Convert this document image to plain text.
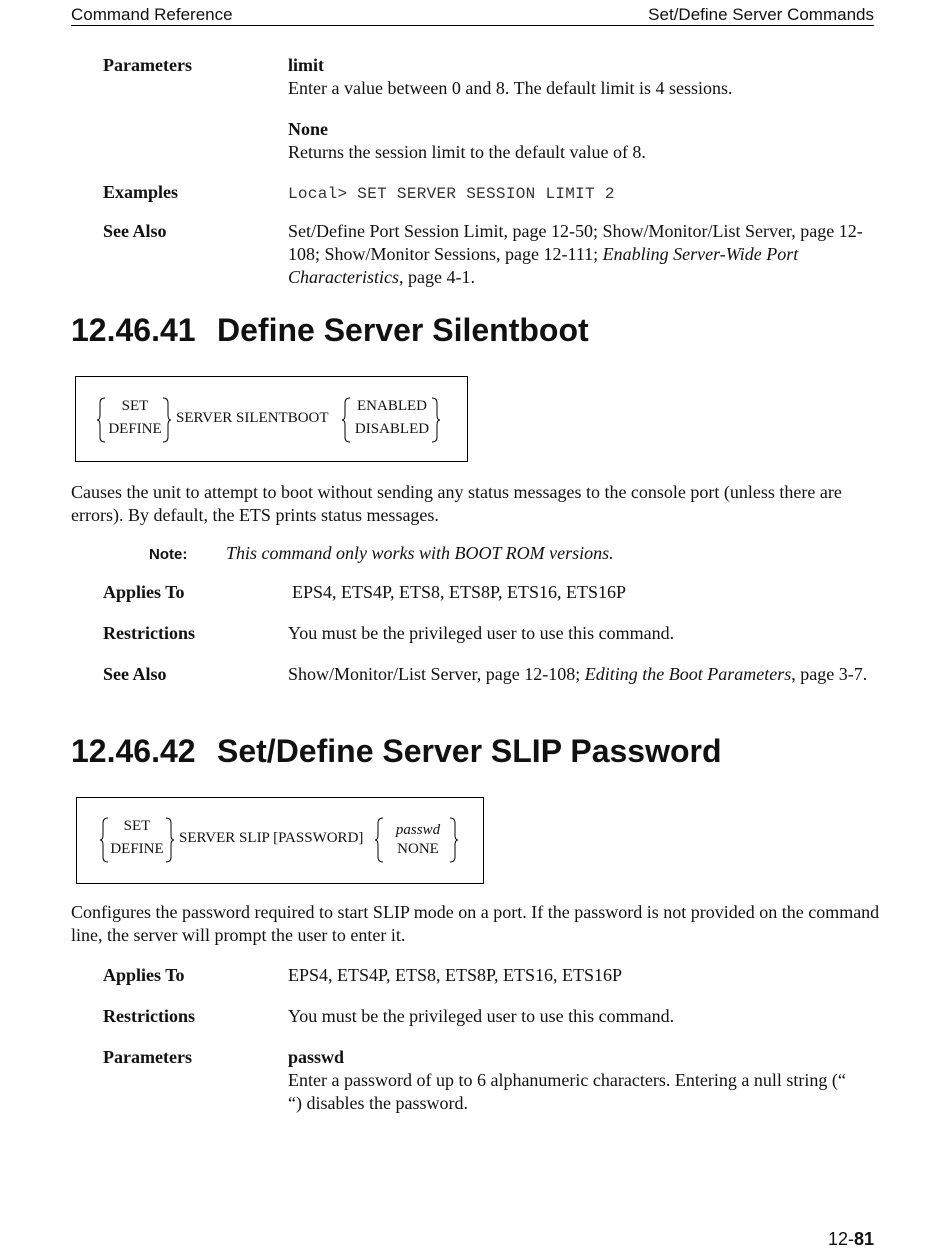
Command Reference	Set/Define Server Commands
Parameters	limit
Enter a value between 0 and 8. The default limit is 4 sessions.
None
Returns the session limit to the default value of 8.
Examples	Local> SET SERVER SESSION LIMIT 2
See Also	Set/Define Port Session Limit, page 12-50; Show/Monitor/List Server, page 12-108; Show/Monitor Sessions, page 12-111; Enabling Server-Wide Port Characteristics, page 4-1.
12.46.41 Define Server Silentboot
SET
DEFINE
SERVER SILENTBOOT
ENABLED
DISABLED
Causes the unit to attempt to boot without sending any status messages to the console port (unless there are errors). By default, the ETS prints status messages.
Note: This command only works with BOOT ROM versions.
Applies To	EPS4, ETS4P, ETS8, ETS8P, ETS16, ETS16P
Restrictions	You must be the privileged user to use this command.
See Also	Show/Monitor/List Server, page 12-108; Editing the Boot Parameters, page 3-7.
12.46.42 Set/Define Server SLIP Password
SET
DEFINE
SERVER SLIP [PASSWORD]	passwd
NONE
Configures the password required to start SLIP mode on a port. If the password is not provided on the command line, the server will prompt the user to enter it.
Applies To	EPS4, ETS4P, ETS8, ETS8P, ETS16, ETS16P
Restrictions	You must be the privileged user to use this command.
Parameters	passwd
Enter a password of up to 6 alphanumeric characters. Entering a null string (“ “) disables the password.
12-81
